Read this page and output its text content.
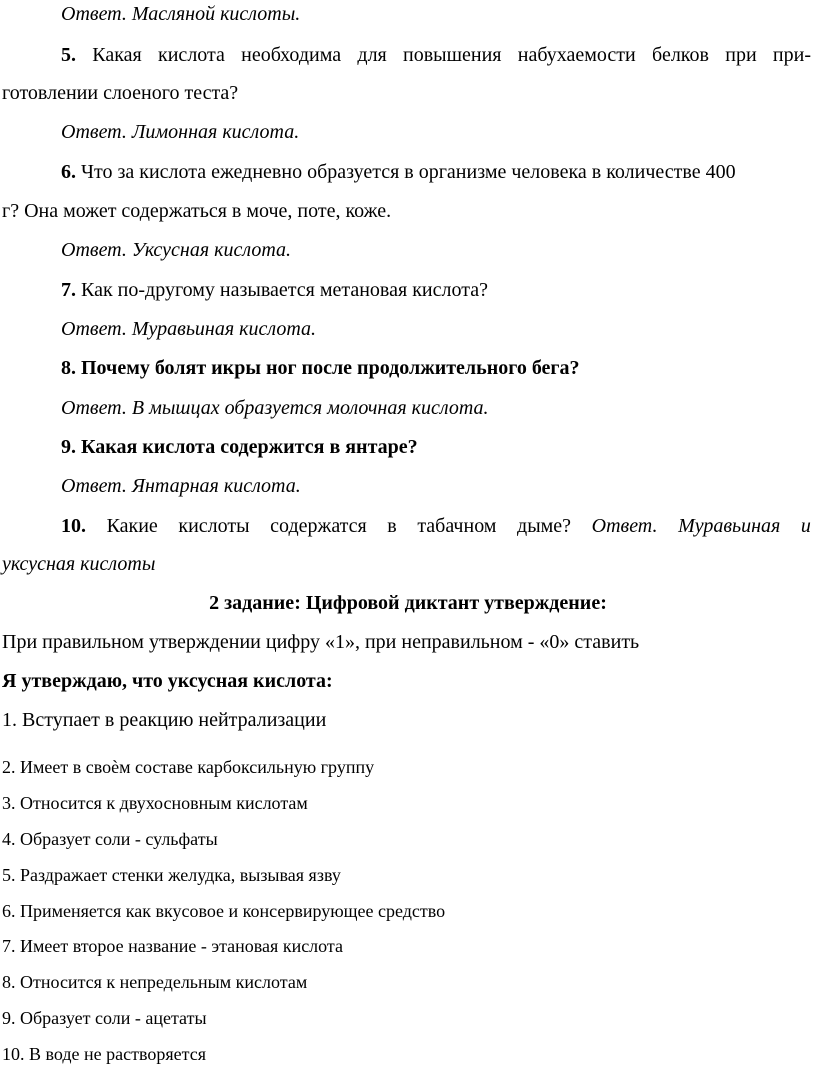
Ответ. Масляной кислоты.
5. Какая кислота необходима для повышения набухаемости белков при при-
готовлении слоеного теста?
Ответ. Лимонная кислота.
6. Что за кислота ежедневно образуется в организме человека в количестве 400
г? Она может содержаться в моче, поте, коже.
Ответ. Уксусная кислота.
7. Как по-другому называется метановая кислота?
Ответ. Муравьиная кислота.
8. Почему болят икры ног после продолжительного бега?
Ответ. В мышцах образуется молочная кислота.
9. Какая кислота содержится в янтаре?
Ответ. Янтарная кислота.
10. Какие кислоты содержатся в табачном дыме? Ответ. Муравьиная и
уксусная кислоты
2 задание: Цифровой диктант утверждение:
При правильном утверждении цифру «1», при неправильном - «0» ставить
Я утверждаю, что уксусная кислота:
1. Вступает в реакцию нейтрализации
2. Имеет в своѐм составе карбоксильную группу
3. Относится к двухосновным кислотам
4. Образует соли - сульфаты
5. Раздражает стенки желудка, вызывая язву
6. Применяется как вкусовое и консервирующее средство
7. Имеет второе название - этановая кислота
8. Относится к непредельным кислотам
9. Образует соли - ацетаты
10. В воде не растворяется
